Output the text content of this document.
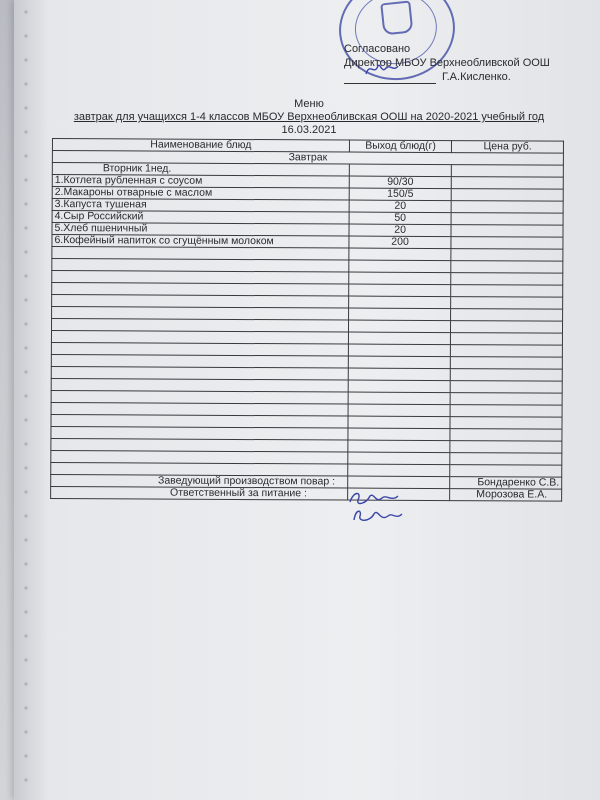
Согласовано
Директор МБОУ Верхнеобливской ООШ
Г.А.Кисленко.
Меню
завтрак для учащихся 1-4 классов МБОУ Верхнеобливская ООШ на 2020-2021 учебный год
16.03.2021
Наименование блюд	Выход блюд(г)	Цена руб.
Завтрак		
Вторник 1нед.		
1.Котлета рубленная с соусом	90/30	
2.Макароны отварные с маслом	150/5	
3.Капуста тушеная	20	
4.Сыр Российский	50	
5.Хлеб пшеничный	20	
6.Кофейный напиток со сгущённым молоком	200	

Заведующий производством повар :		Бондаренко С.В.
Ответственный за питание :		Морозова Е.А.
